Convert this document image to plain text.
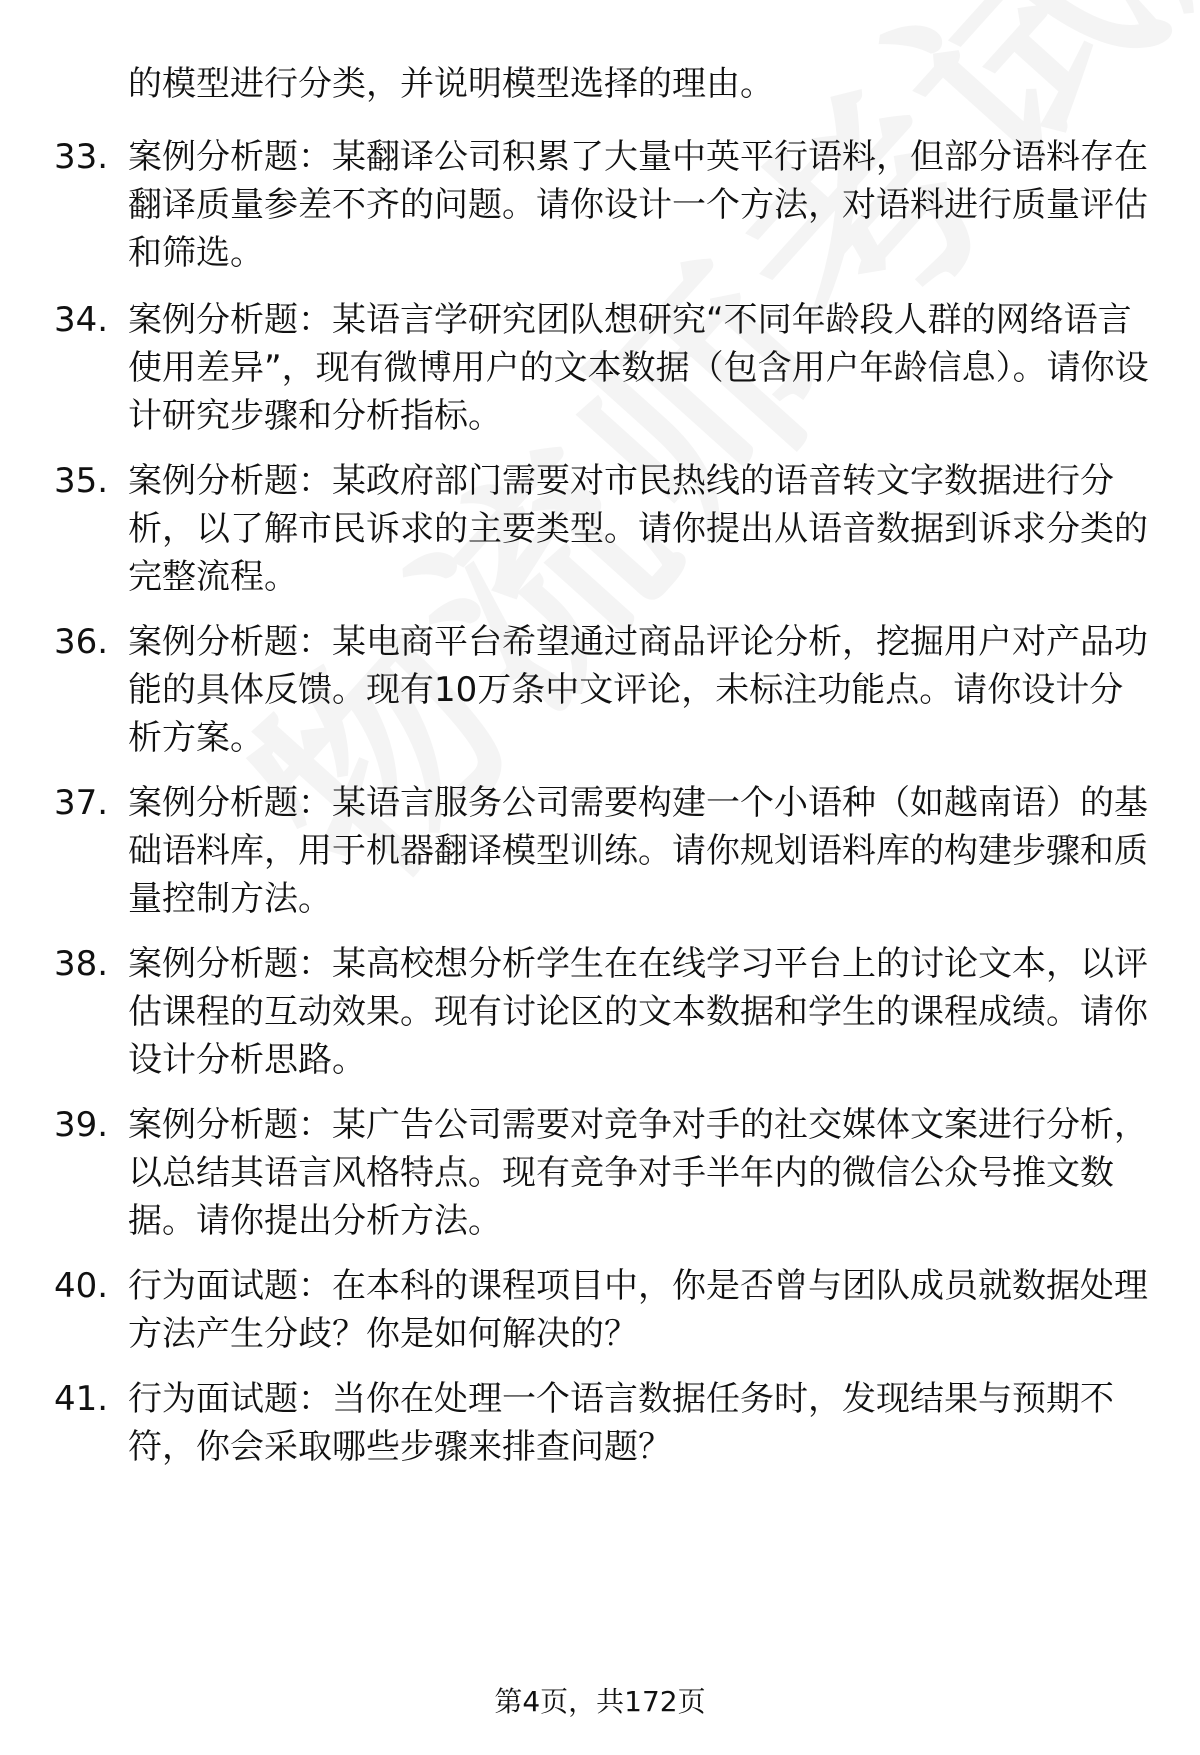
的模型进行分类，并说明模型选择的理由。
33. 案例分析题：某翻译公司积累了大量中英平行语料，但部分语料存在翻译质量参差不齐的问题。请你设计一个方法，对语料进行质量评估和筛选。
34. 案例分析题：某语言学研究团队想研究“不同年龄段人群的网络语言使用差异”，现有微博用户的文本数据（包含用户年龄信息）。请你设计研究步骤和分析指标。
35. 案例分析题：某政府部门需要对市民热线的语音转文字数据进行分析，以了解市民诉求的主要类型。请你提出从语音数据到诉求分类的完整流程。
36. 案例分析题：某电商平台希望通过商品评论分析，挖掘用户对产品功能的具体反馈。现有10万条中文评论，未标注功能点。请你设计分析方案。
37. 案例分析题：某语言服务公司需要构建一个小语种（如越南语）的基础语料库，用于机器翻译模型训练。请你规划语料库的构建步骤和质量控制方法。
38. 案例分析题：某高校想分析学生在在线学习平台上的讨论文本，以评估课程的互动效果。现有讨论区的文本数据和学生的课程成绩。请你设计分析思路。
39. 案例分析题：某广告公司需要对竞争对手的社交媒体文案进行分析，以总结其语言风格特点。现有竞争对手半年内的微信公众号推文数据。请你提出分析方法。
40. 行为面试题：在本科的课程项目中，你是否曾与团队成员就数据处理方法产生分歧？你是如何解决的？
41. 行为面试题：当你在处理一个语言数据任务时，发现结果与预期不符，你会采取哪些步骤来排查问题？
第4页，共172页
